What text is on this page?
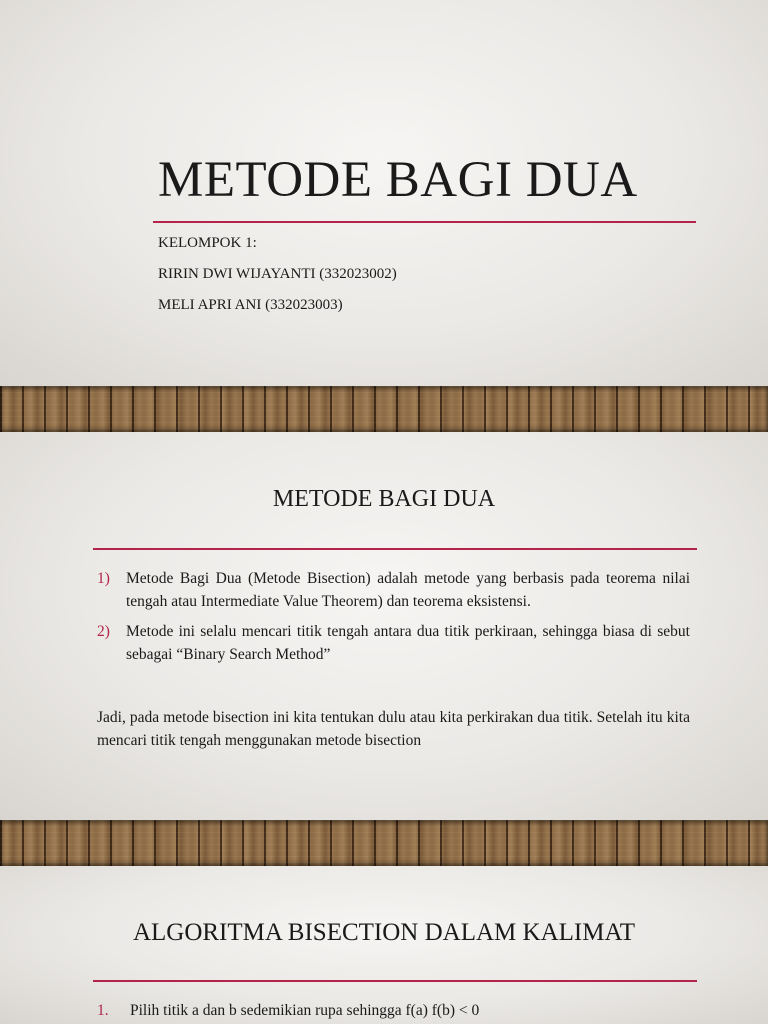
METODE BAGI DUA

KELOMPOK 1:

RIRIN DWI WIJAYANTI (332023002)

MELI APRI ANI (332023003)

METODE BAGI DUA
1)	Metode Bagi Dua (Metode Bisection) adalah metode yang berbasis pada teorema nilai tengah atau Intermediate Value Theorem) dan teorema eksistensi.
2)	Metode ini selalu mencari titik tengah antara dua titik perkiraan, sehingga biasa di sebut sebagai “Binary Search Method”

Jadi, pada metode bisection ini kita tentukan dulu atau kita perkirakan dua titik. Setelah itu kita mencari titik tengah menggunakan metode bisection

ALGORITMA BISECTION DALAM KALIMAT
1.	Pilih titik a dan b sedemikian rupa sehingga f(a) f(b) < 0
